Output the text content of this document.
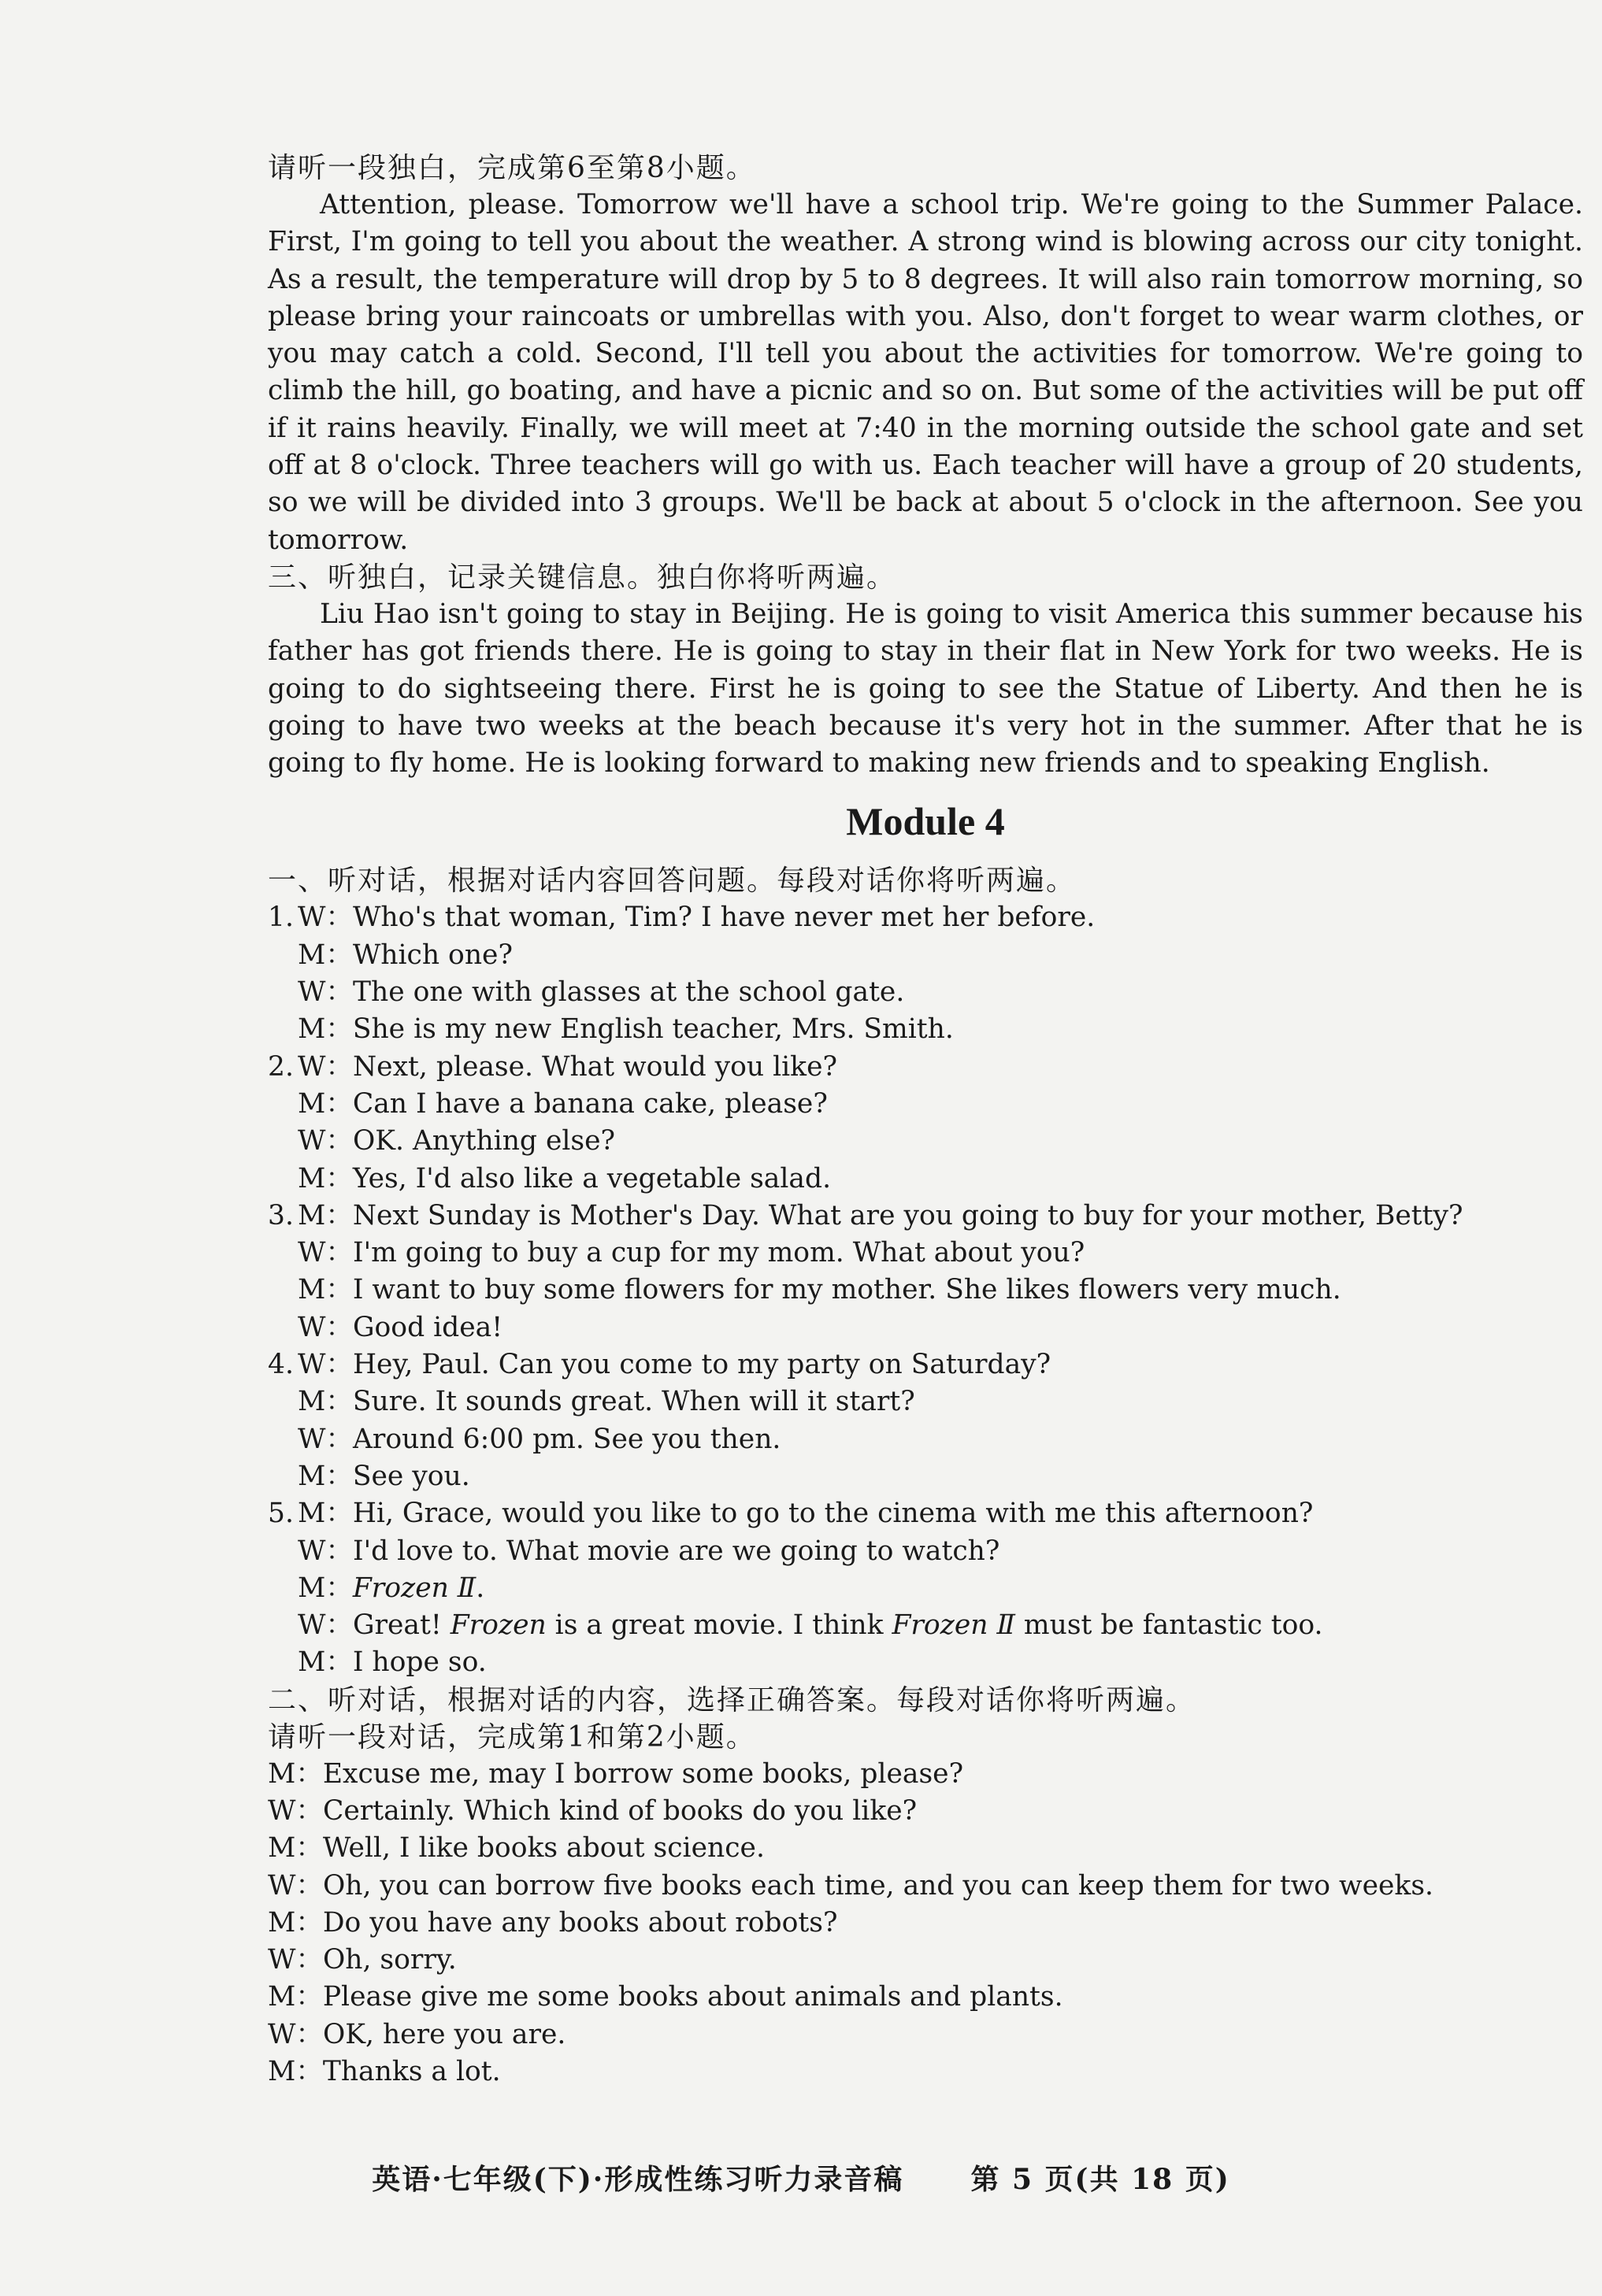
请听一段独白，完成第6至第8小题。

Attention, please. Tomorrow we'll have a school trip. We're going to the Summer Palace. First, I'm going to tell you about the weather. A strong wind is blowing across our city tonight. As a result, the temperature will drop by 5 to 8 degrees. It will also rain tomorrow morning, so please bring your raincoats or umbrellas with you. Also, don't forget to wear warm clothes, or you may catch a cold. Second, I'll tell you about the activities for tomorrow. We're going to climb the hill, go boating, and have a picnic and so on. But some of the activities will be put off if it rains heavily. Finally, we will meet at 7:40 in the morning outside the school gate and set off at 8 o'clock. Three teachers will go with us. Each teacher will have a group of 20 students, so we will be divided into 3 groups. We'll be back at about 5 o'clock in the afternoon. See you tomorrow.

三、听独白，记录关键信息。独白你将听两遍。

Liu Hao isn't going to stay in Beijing. He is going to visit America this summer because his father has got friends there. He is going to stay in their flat in New York for two weeks. He is going to do sightseeing there. First he is going to see the Statue of Liberty. And then he is going to have two weeks at the beach because it's very hot in the summer. After that he is going to fly home. He is looking forward to making new friends and to speaking English.

Module 4

一、听对话，根据对话内容回答问题。每段对话你将听两遍。

1. W：Who's that woman, Tim? I have never met her before.

M：Which one?

W：The one with glasses at the school gate.

M：She is my new English teacher, Mrs. Smith.

2. W：Next, please. What would you like?

M：Can I have a banana cake, please?

W：OK. Anything else?

M：Yes, I'd also like a vegetable salad.

3. M：Next Sunday is Mother's Day. What are you going to buy for your mother, Betty?

W：I'm going to buy a cup for my mom. What about you?

M：I want to buy some flowers for my mother. She likes flowers very much.

W：Good idea!

4. W：Hey, Paul. Can you come to my party on Saturday?

M：Sure. It sounds great. When will it start?

W：Around 6:00 pm. See you then.

M：See you.

5. M：Hi, Grace, would you like to go to the cinema with me this afternoon?

W：I'd love to. What movie are we going to watch?

M：Frozen Ⅱ.

W：Great! Frozen is a great movie. I think Frozen Ⅱ must be fantastic too.

M：I hope so.

二、听对话，根据对话的内容，选择正确答案。每段对话你将听两遍。

请听一段对话，完成第1和第2小题。

M：Excuse me, may I borrow some books, please?

W：Certainly. Which kind of books do you like?

M：Well, I like books about science.

W：Oh, you can borrow five books each time, and you can keep them for two weeks.

M：Do you have any books about robots?

W：Oh, sorry.

M：Please give me some books about animals and plants.

W：OK, here you are.

M：Thanks a lot.

英语·七年级(下)·形成性练习听力录音稿 第 5 页(共 18 页)
